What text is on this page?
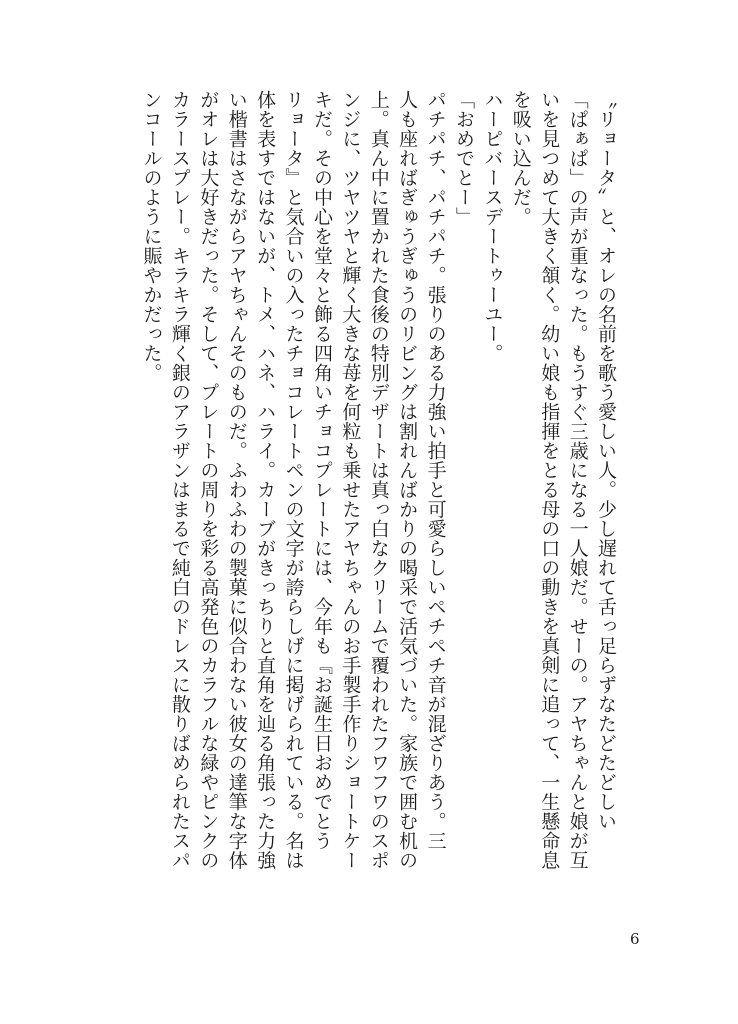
〝リョータ〟と、オレの名前を歌う愛しい人。少し遅れて舌っ足らずなたどたどしい
「ぱぁぱ」の声が重なった。もうすぐ三歳になる一人娘だ。せーの。アヤちゃんと娘が互
いを見つめて大きく頷く。幼い娘も指揮をとる母の口の動きを真剣に追って、一生懸命息
を吸い込んだ。
ハーピバースデートゥーユー。
「おめでとー」
パチパチ、パチパチ。張りのある力強い拍手と可愛らしいペチペチ音が混ざりあう。三
人も座ればぎゅうぎゅうのリビングは割れんばかりの喝采で活気づいた。家族で囲む机の
上。真ん中に置かれた食後の特別デザートは真っ白なクリームで覆われたフワフワのスポ
ンジに、ツヤツヤと輝く大きな苺を何粒も乗せたアヤちゃんのお手製手作りショートケー
キだ。その中心を堂々と飾る四角いチョコプレートには、今年も『お誕生日おめでとう
リョータ』と気合いの入ったチョコレートペンの文字が誇らしげに掲げられている。名は
体を表すではないが、トメ、ハネ、ハライ。カーブがきっちりと直角を辿る角張った力強
い楷書はさながらアヤちゃんそのものだ。ふわふわの製菓に似合わない彼女の達筆な字体
がオレは大好きだった。そして、プレートの周りを彩る高発色のカラフルな緑やピンクの
カラースプレー。キラキラ輝く銀のアラザンはまるで純白のドレスに散りばめられたスパ
ンコールのように賑やかだった。
6
